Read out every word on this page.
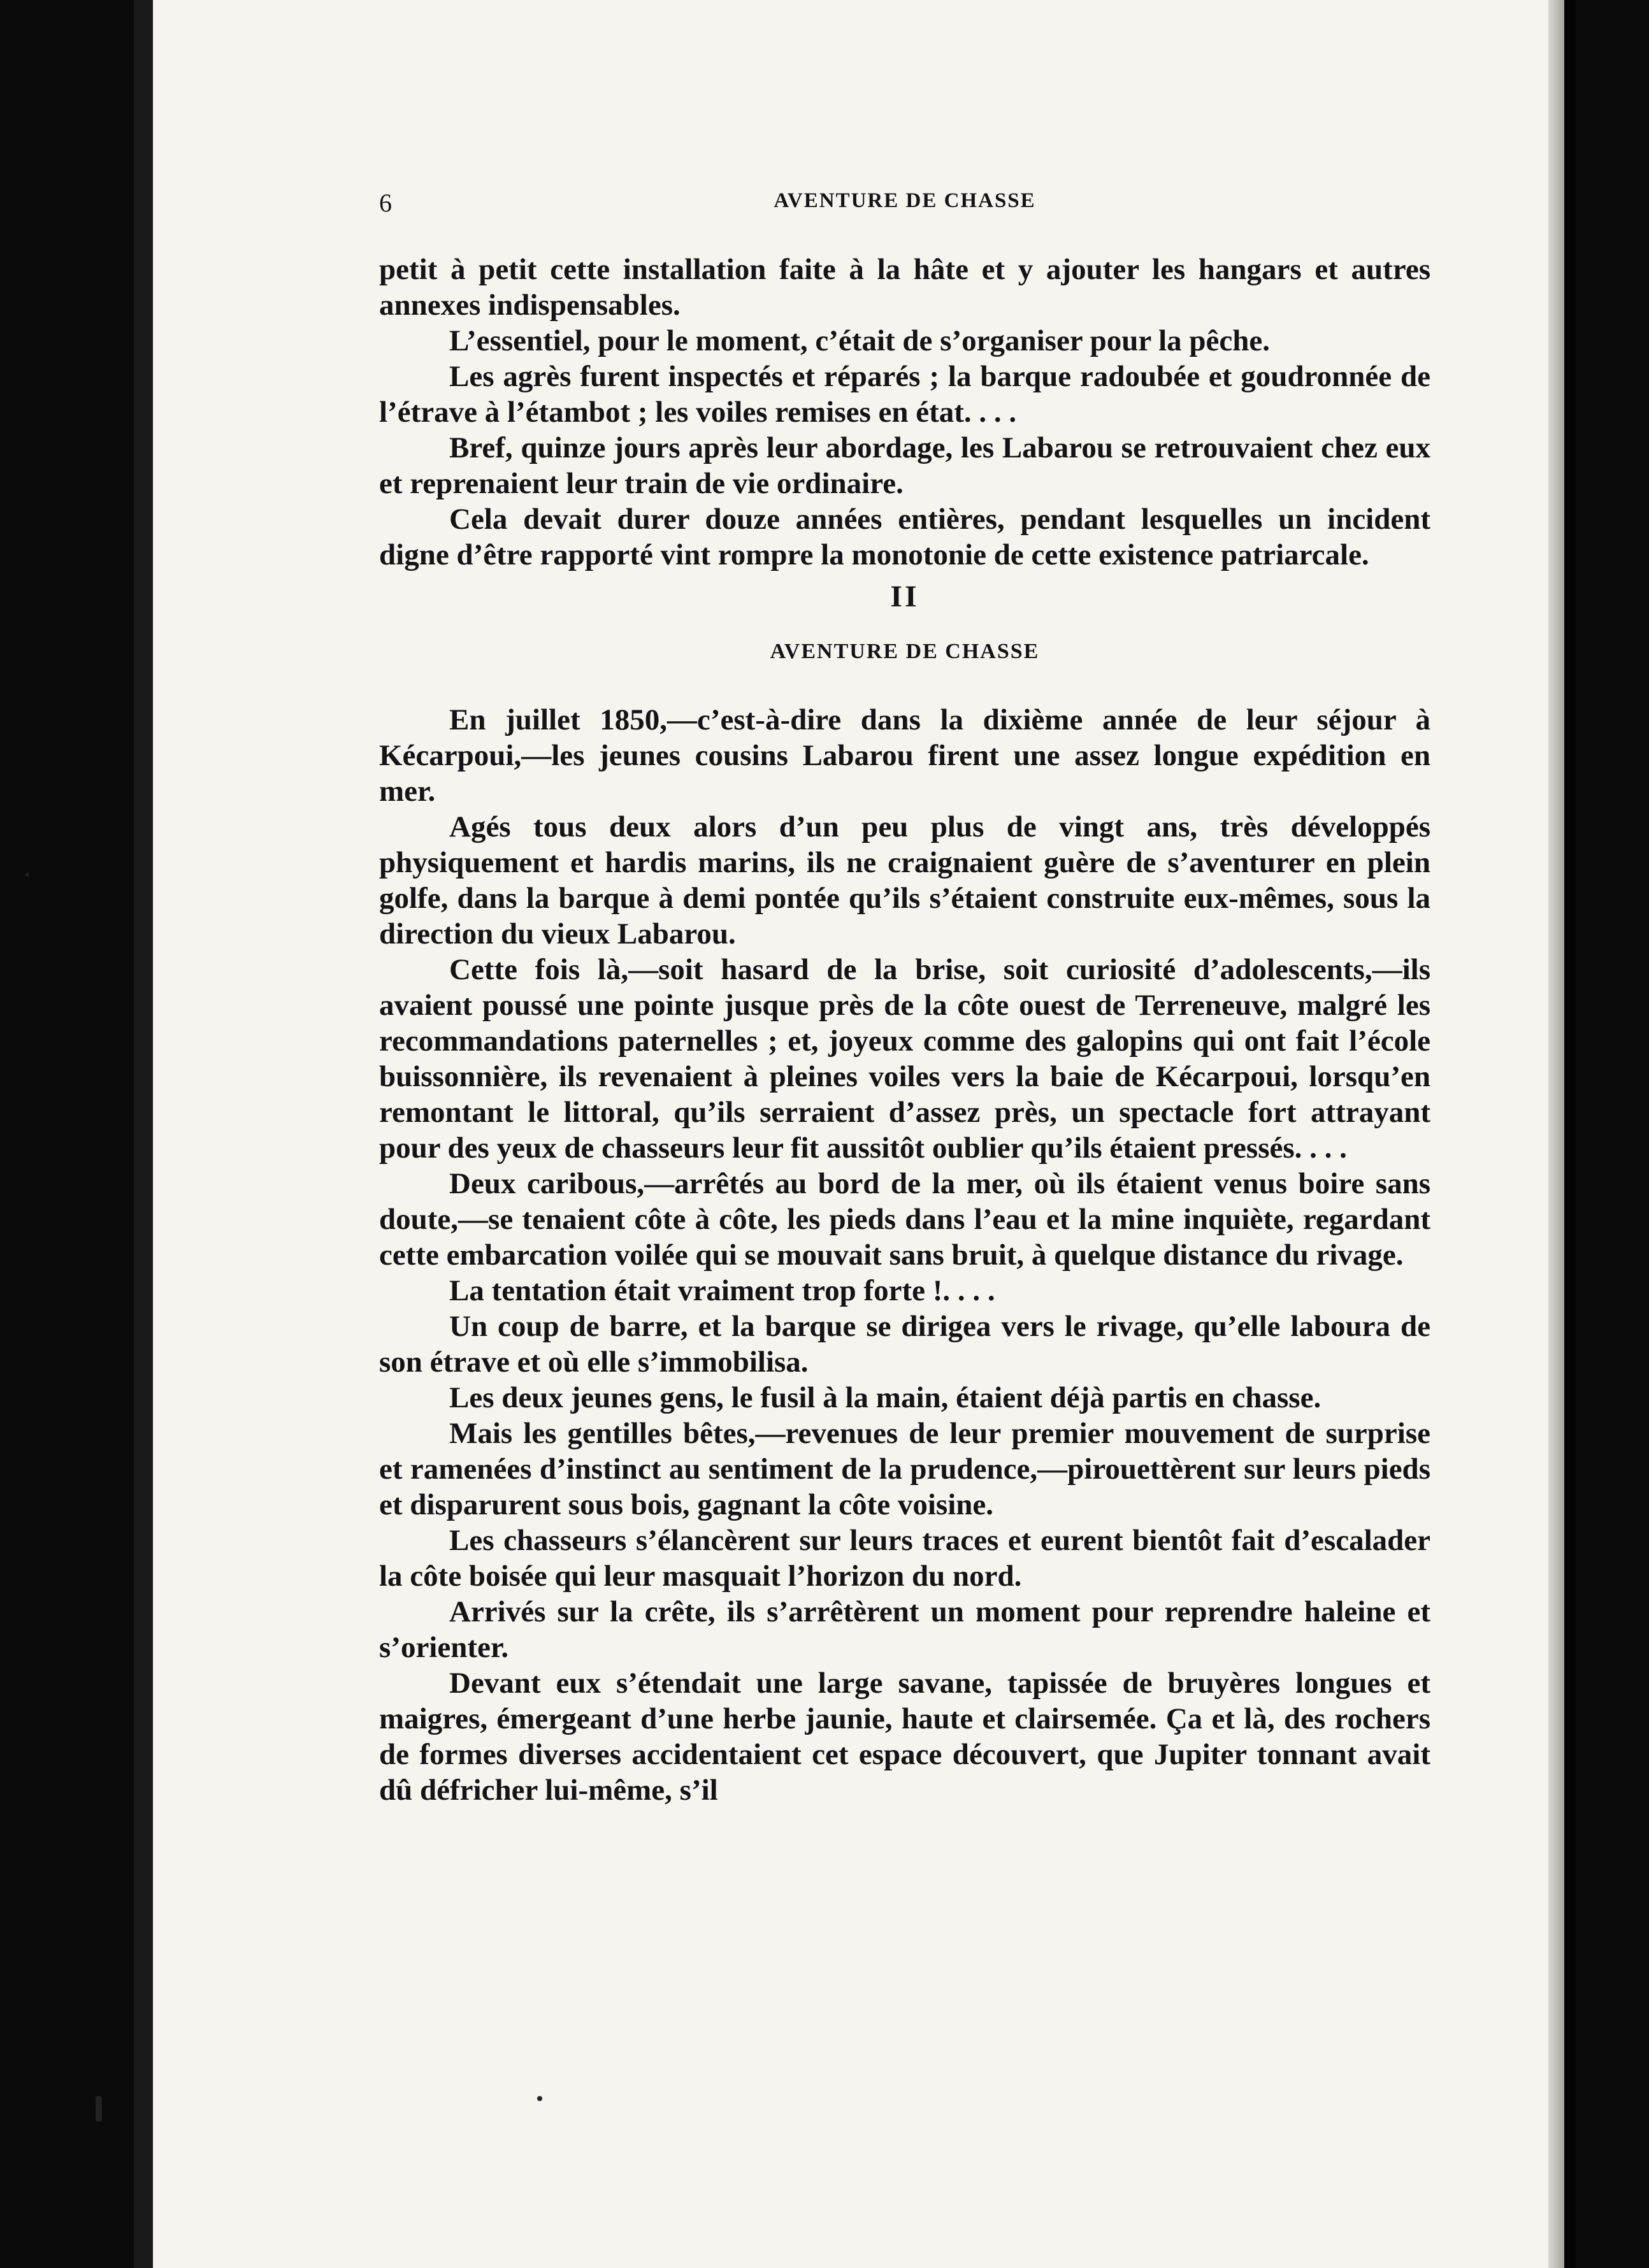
6	AVENTURE DE CHASSE

petit à petit cette installation faite à la hâte et y ajouter les hangars et autres annexes indispensables.

L’essentiel, pour le moment, c’était de s’organiser pour la pêche.

Les agrès furent inspectés et réparés ; la barque radoubée et goudronnée de l’étrave à l’étambot ; les voiles remises en état. . . .

Bref, quinze jours après leur abordage, les Labarou se retrouvaient chez eux et reprenaient leur train de vie ordinaire.

Cela devait durer douze années entières, pendant lesquelles un incident digne d’être rapporté vint rompre la monotonie de cette existence patriarcale.

II
AVENTURE DE CHASSE

En juillet 1850,—c’est-à-dire dans la dixième année de leur séjour à Kécarpoui,—les jeunes cousins Labarou firent une assez longue expédition en mer.

Agés tous deux alors d’un peu plus de vingt ans, très développés physiquement et hardis marins, ils ne craignaient guère de s’aventurer en plein golfe, dans la barque à demi pontée qu’ils s’étaient construite eux-mêmes, sous la direction du vieux Labarou.

Cette fois là,—soit hasard de la brise, soit curiosité d’adolescents,—ils avaient poussé une pointe jusque près de la côte ouest de Terreneuve, malgré les recommandations paternelles ; et, joyeux comme des galopins qui ont fait l’école buissonnière, ils revenaient à pleines voiles vers la baie de Kécarpoui, lorsqu’en remontant le littoral, qu’ils serraient d’assez près, un spectacle fort attrayant pour des yeux de chasseurs leur fit aussitôt oublier qu’ils étaient pressés. . . .

Deux caribous,—arrêtés au bord de la mer, où ils étaient venus boire sans doute,—se tenaient côte à côte, les pieds dans l’eau et la mine inquiète, regardant cette embarcation voilée qui se mouvait sans bruit, à quelque distance du rivage.

La tentation était vraiment trop forte !. . . .

Un coup de barre, et la barque se dirigea vers le rivage, qu’elle laboura de son étrave et où elle s’immobilisa.

Les deux jeunes gens, le fusil à la main, étaient déjà partis en chasse.

Mais les gentilles bêtes,—revenues de leur premier mouvement de surprise et ramenées d’instinct au sentiment de la prudence,—pirouettèrent sur leurs pieds et disparurent sous bois, gagnant la côte voisine.

Les chasseurs s’élancèrent sur leurs traces et eurent bientôt fait d’escalader la côte boisée qui leur masquait l’horizon du nord.

Arrivés sur la crête, ils s’arrêtèrent un moment pour reprendre haleine et s’orienter.

Devant eux s’étendait une large savane, tapissée de bruyères longues et maigres, émergeant d’une herbe jaunie, haute et clairsemée. Ça et là, des rochers de formes diverses accidentaient cet espace découvert, que Jupiter tonnant avait dû défricher lui-même, s’il
